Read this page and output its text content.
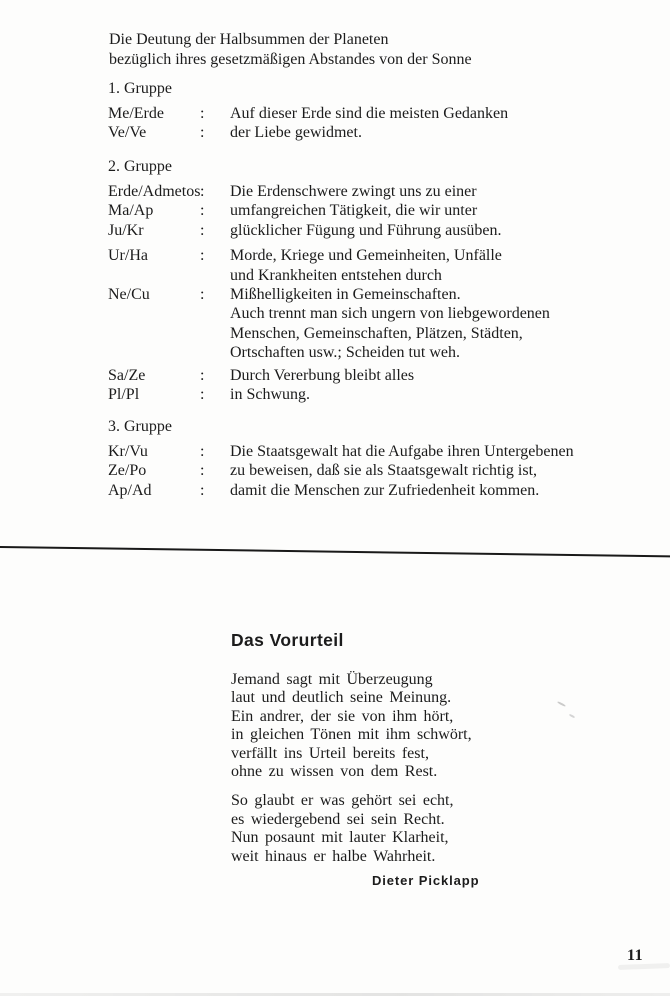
Die Deutung der Halbsummen der Planeten
bezüglich ihres gesetzmäßigen Abstandes von der Sonne

1. Gruppe

Me/Erde	:	Auf dieser Erde sind die meisten Gedanken
Ve/Ve	:	der Liebe gewidmet.

2. Gruppe

Erde/Admetos :	Die Erdenschwere zwingt uns zu einer
Ma/Ap	:	umfangreichen Tätigkeit, die wir unter
Ju/Kr	:	glücklicher Fügung und Führung ausüben.
Ur/Ha	:	Morde, Kriege und Gemeinheiten, Unfälle
und Krankheiten entstehen durch
Ne/Cu	:	Mißhelligkeiten in Gemeinschaften.
Auch trennt man sich ungern von liebgewordenen
Menschen, Gemeinschaften, Plätzen, Städten,
Ortschaften usw.; Scheiden tut weh.
Sa/Ze	:	Durch Vererbung bleibt alles
Pl/Pl	:	in Schwung.

3. Gruppe

Kr/Vu	:	Die Staatsgewalt hat die Aufgabe ihren Untergebenen
Ze/Po	:	zu beweisen, daß sie als Staatsgewalt richtig ist,
Ap/Ad	:	damit die Menschen zur Zufriedenheit kommen.

Das Vorurteil

Jemand sagt mit Überzeugung
laut und deutlich seine Meinung.
Ein andrer, der sie von ihm hört,
in gleichen Tönen mit ihm schwört,
verfällt ins Urteil bereits fest,
ohne zu wissen von dem Rest.
So glaubt er was gehört sei echt,
es wiedergebend sei sein Recht.
Nun posaunt mit lauter Klarheit,
weit hinaus er halbe Wahrheit.
Dieter Picklapp
11
